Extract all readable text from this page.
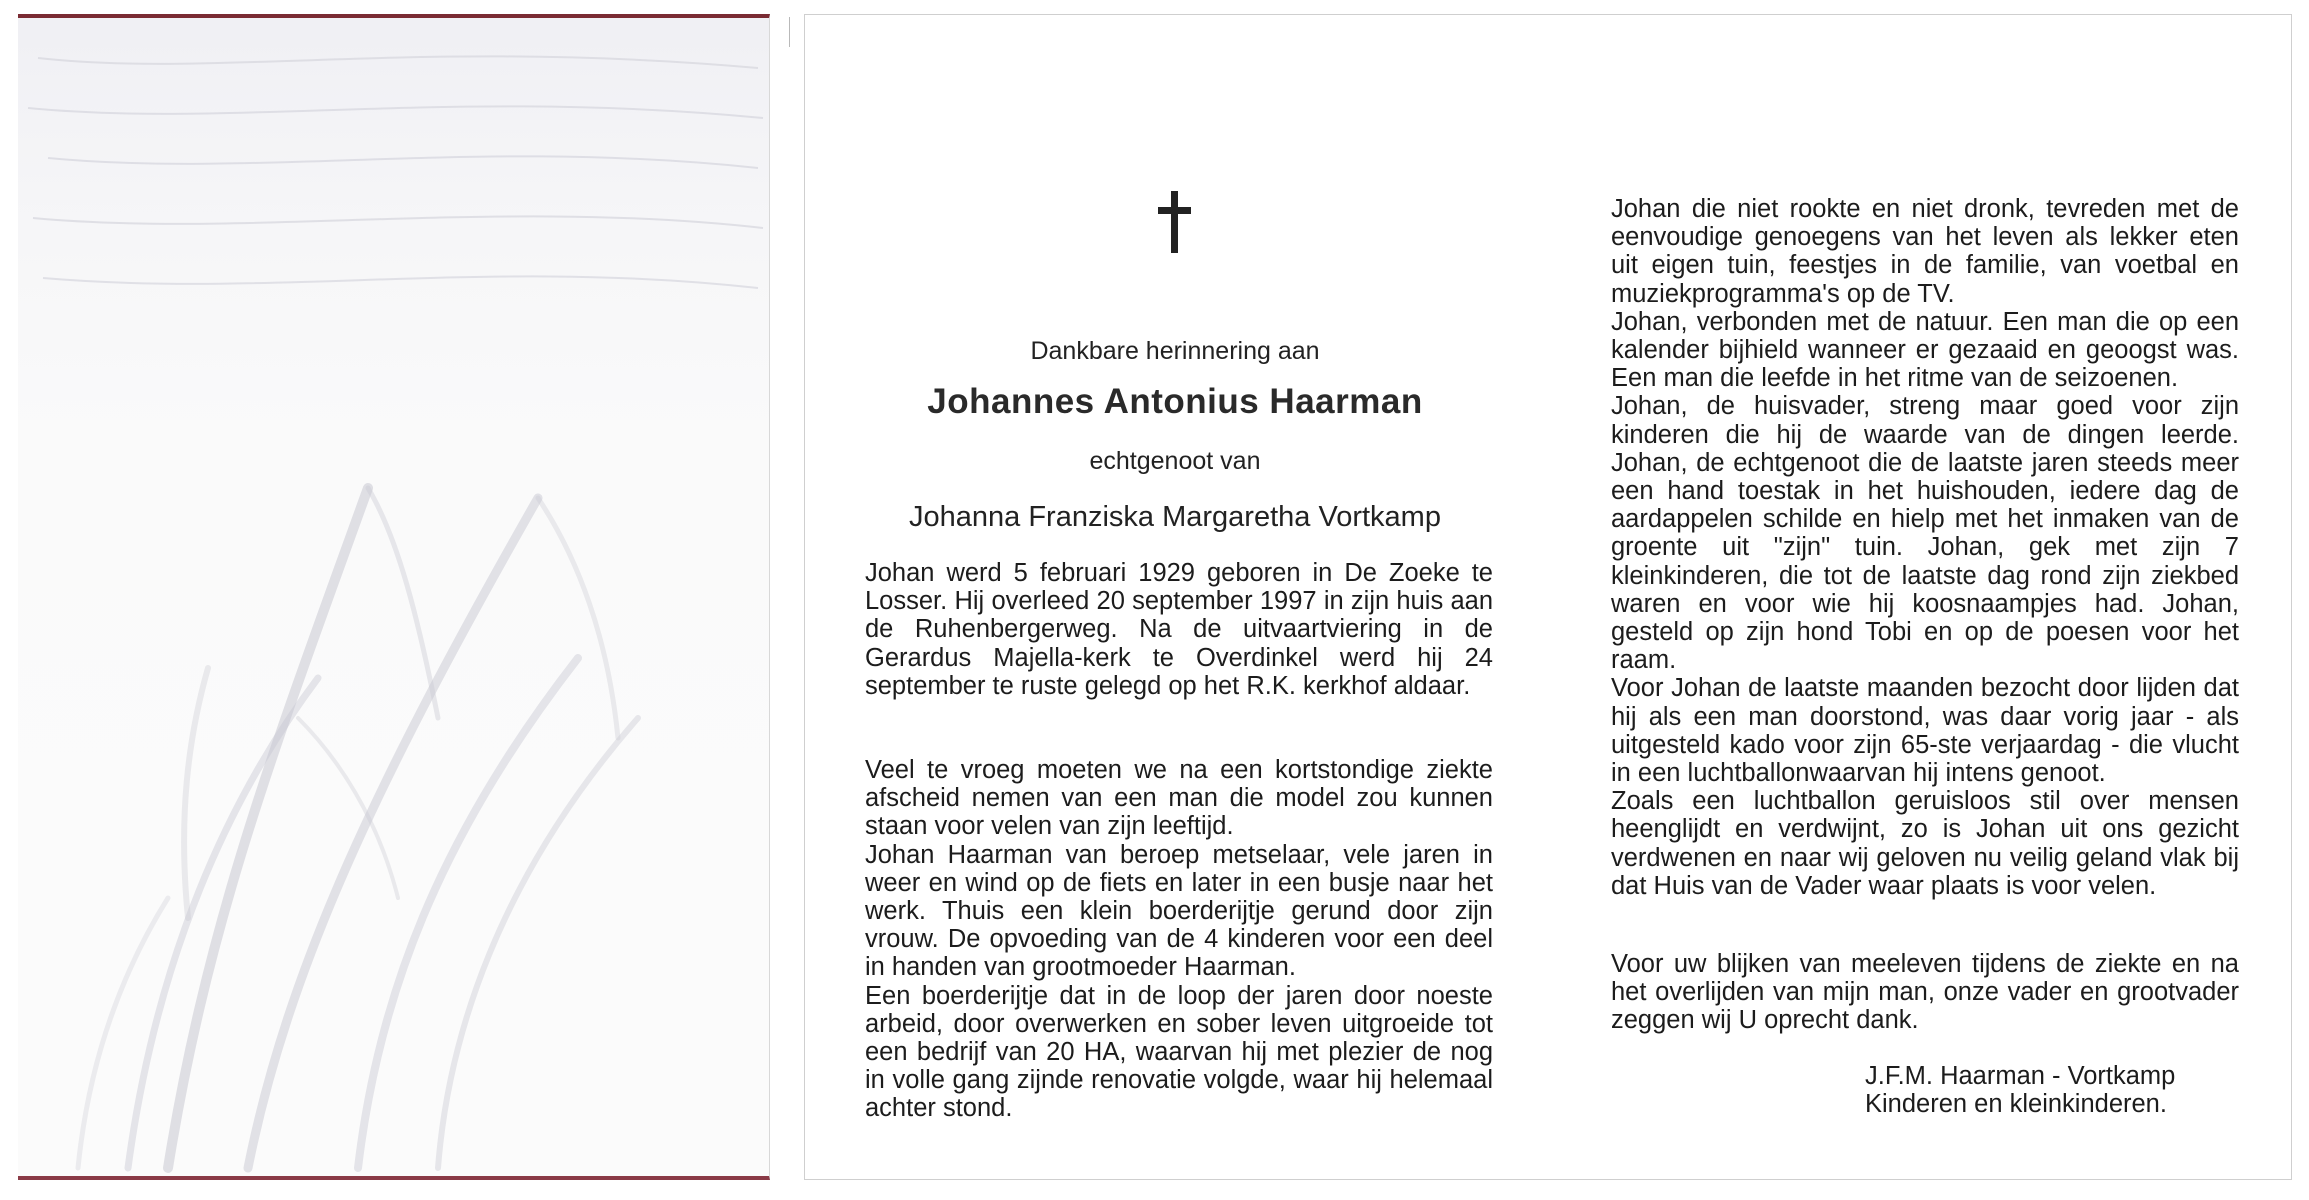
Dankbare herinnering aan
Johannes Antonius Haarman
echtgenoot van
Johanna Franziska Margaretha Vortkamp

Johan werd 5 februari 1929 geboren in De Zoeke te Losser. Hij overleed 20 september 1997 in zijn huis aan de Ruhenbergerweg. Na de uitvaartviering in de Gerardus Majella-kerk te Overdinkel werd hij 24 september te ruste gelegd op het R.K. kerkhof aldaar.

Veel te vroeg moeten we na een kortstondige ziekte afscheid nemen van een man die model zou kunnen staan voor velen van zijn leeftijd.

Johan Haarman van beroep metselaar, vele jaren in weer en wind op de fiets en later in een busje naar het werk. Thuis een klein boerderijtje gerund door zijn vrouw. De opvoeding van de 4 kinderen voor een deel in handen van grootmoeder Haarman.

Een boerderijtje dat in de loop der jaren door noeste arbeid, door overwerken en sober leven uitgroeide tot een bedrijf van 20 HA, waarvan hij met plezier de nog in volle gang zijnde renovatie volgde, waar hij helemaal achter stond.

Johan die niet rookte en niet dronk, tevreden met de eenvoudige genoegens van het leven als lekker eten uit eigen tuin, feestjes in de familie, van voetbal en muziekprogramma's op de TV.

Johan, verbonden met de natuur. Een man die op een kalender bijhield wanneer er gezaaid en geoogst was. Een man die leefde in het ritme van de seizoenen.

Johan, de huisvader, streng maar goed voor zijn kinderen die hij de waarde van de dingen leerde. Johan, de echtgenoot die de laatste jaren steeds meer een hand toestak in het huishouden, iedere dag de aardappelen schilde en hielp met het inmaken van de groente uit "zijn" tuin. Johan, gek met zijn 7 kleinkinderen, die tot de laatste dag rond zijn ziekbed waren en voor wie hij koosnaampjes had. Johan, gesteld op zijn hond Tobi en op de poesen voor het raam.

Voor Johan de laatste maanden bezocht door lijden dat hij als een man doorstond, was daar vorig jaar - als uitgesteld kado voor zijn 65-ste verjaardag - die vlucht in een luchtballonwaarvan hij intens genoot.

Zoals een luchtballon geruisloos stil over mensen heenglijdt en verdwijnt, zo is Johan uit ons gezicht verdwenen en naar wij geloven nu veilig geland vlak bij dat Huis van de Vader waar plaats is voor velen.

Voor uw blijken van meeleven tijdens de ziekte en na het overlijden van mijn man, onze vader en grootvader zeggen wij U oprecht dank.

J.F.M. Haarman - Vortkamp
Kinderen en kleinkinderen.
